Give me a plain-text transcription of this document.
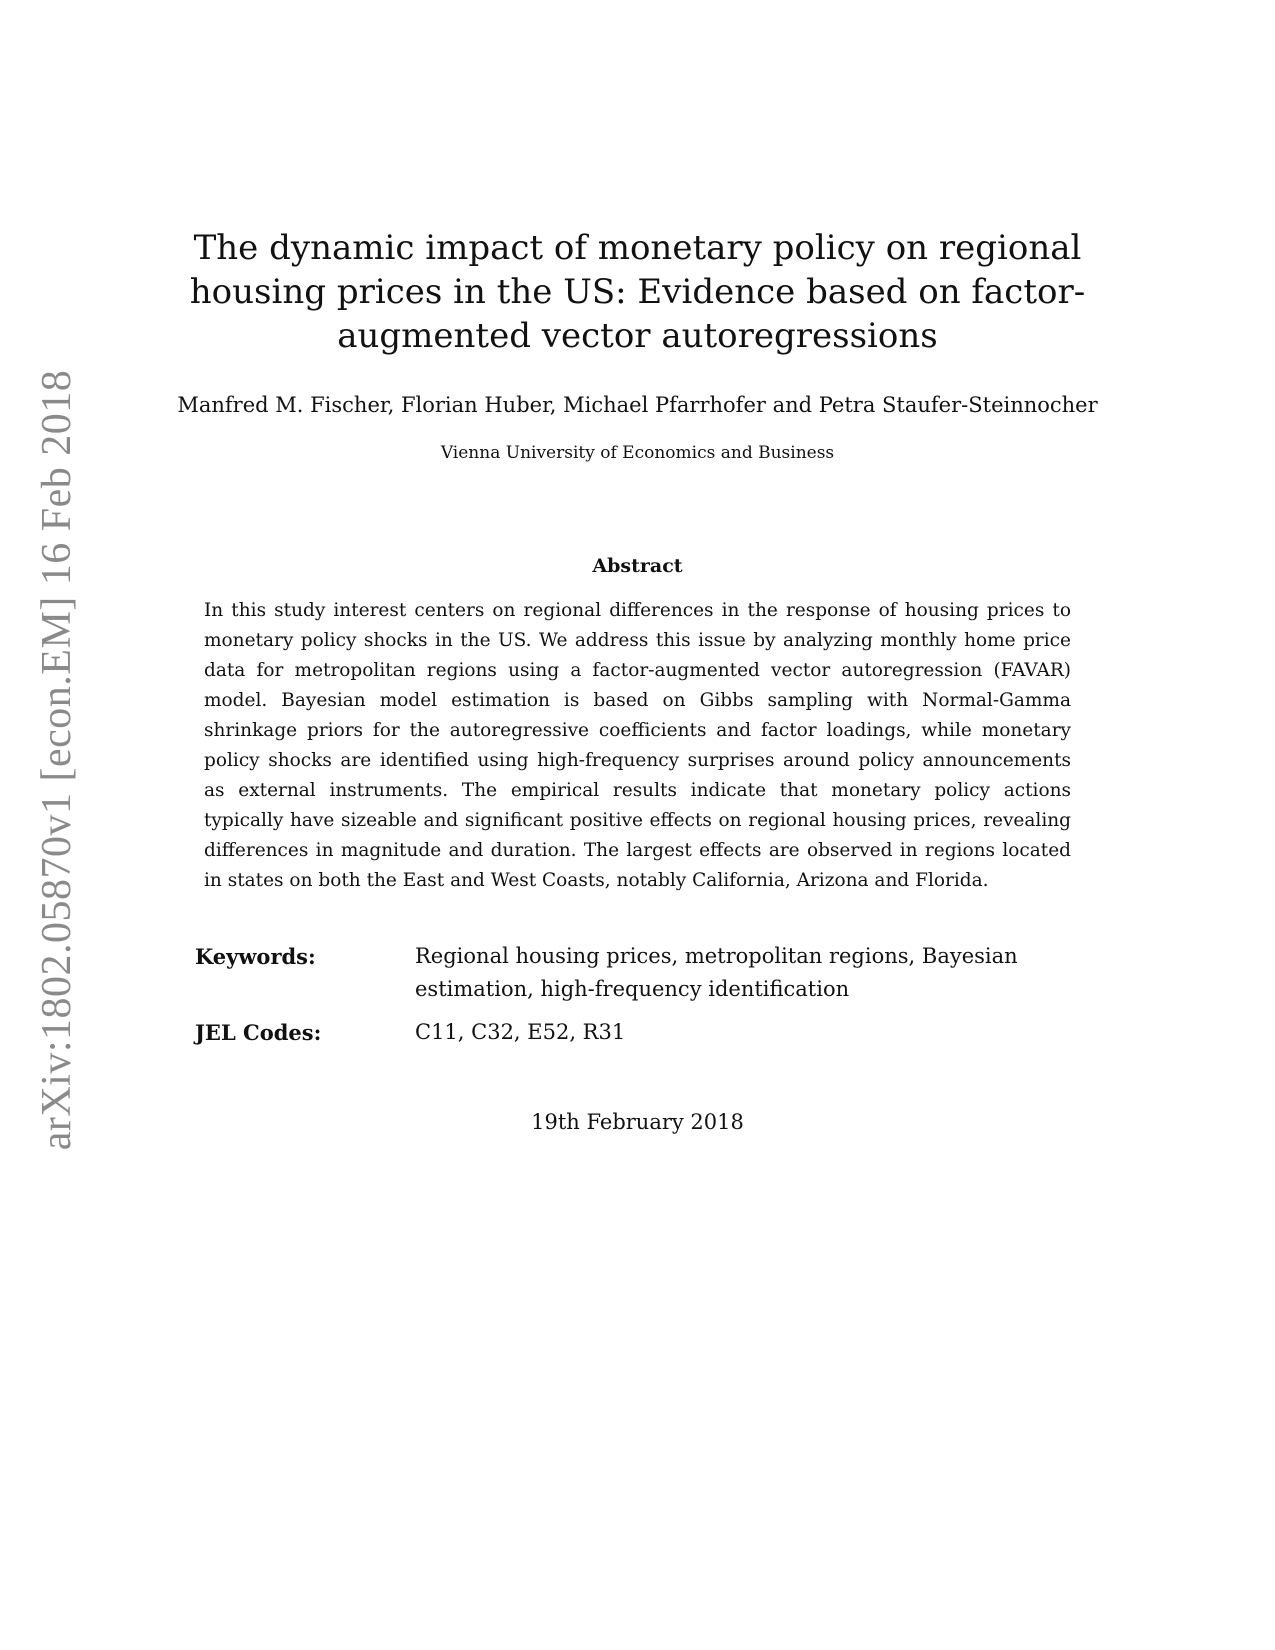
arXiv:1802.05870v1 [econ.EM] 16 Feb 2018
The dynamic impact of monetary policy on regional housing prices in the US: Evidence based on factor-augmented vector autoregressions
Manfred M. Fischer, Florian Huber, Michael Pfarrhofer and Petra Staufer-Steinnocher
Vienna University of Economics and Business
Abstract

In this study interest centers on regional differences in the response of housing prices to monetary policy shocks in the US. We address this issue by analyzing monthly home price data for metropolitan regions using a factor-augmented vector autoregression (FAVAR) model. Bayesian model estimation is based on Gibbs sampling with Normal-Gamma shrinkage priors for the autoregressive coefficients and factor loadings, while monetary policy shocks are identified using high-frequency surprises around policy announcements as external instruments. The empirical results indicate that monetary policy actions typically have sizeable and significant positive effects on regional housing prices, revealing differences in magnitude and duration. The largest effects are observed in regions located in states on both the East and West Coasts, notably California, Arizona and Florida.

Keywords:	Regional housing prices, metropolitan regions, Bayesian estimation, high-frequency identification
JEL Codes:	C11, C32, E52, R31
19th February 2018
